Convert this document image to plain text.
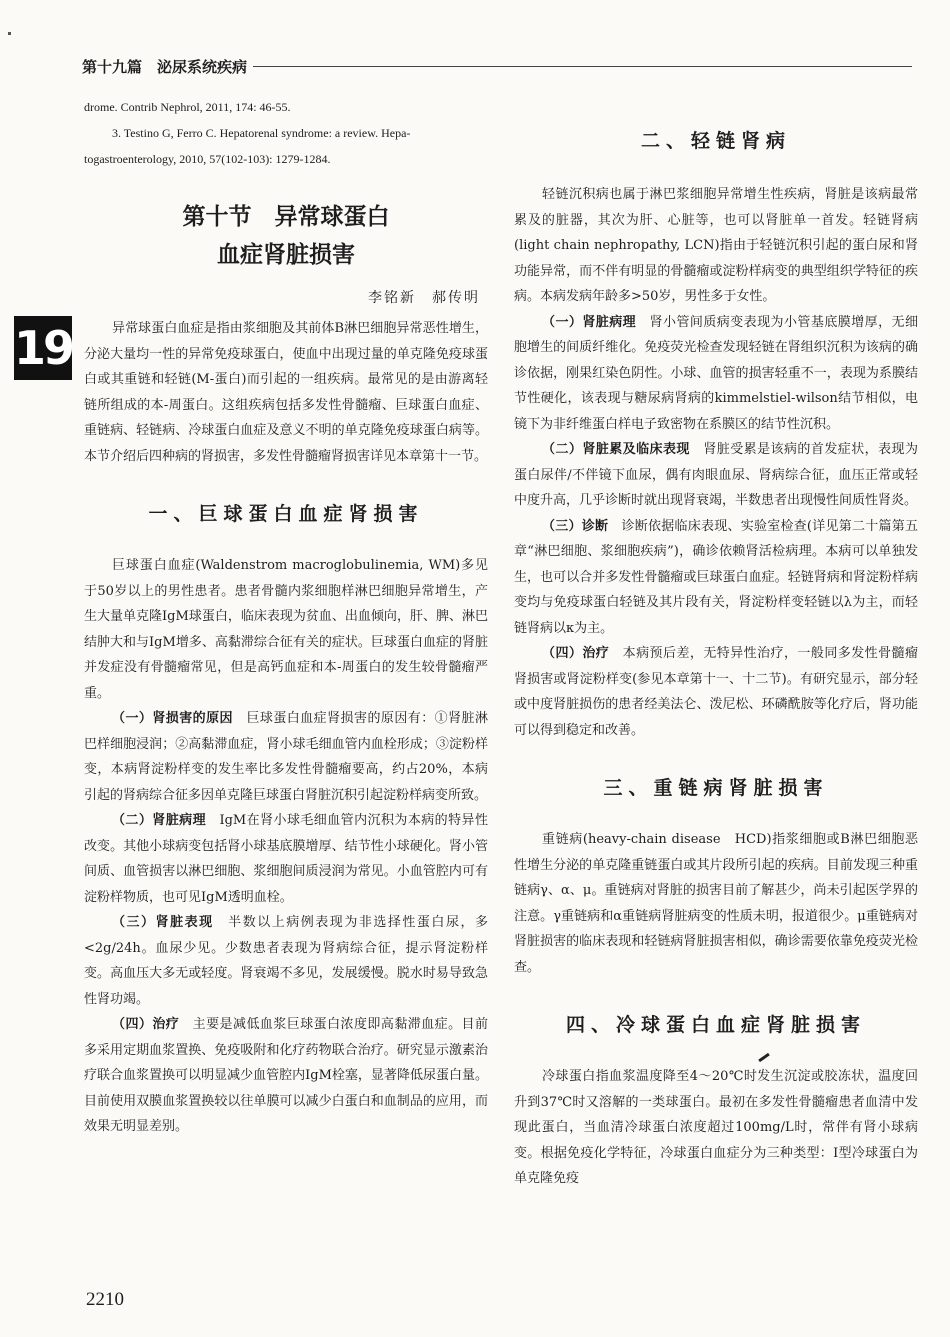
第十九篇　泌尿系统疾病
19

drome. Contrib Nephrol, 2011, 174: 46-55.

3. Testino G, Ferro C. Hepatorenal syndrome: a review. Hepa-

togastroenterology, 2010, 57(102-103): 1279-1284.

第十节　异常球蛋白
血症肾脏损害
李铭新　郝传明

异常球蛋白血症是指由浆细胞及其前体B淋巴细胞异常恶性增生，分泌大量均一性的异常免疫球蛋白，使血中出现过量的单克隆免疫球蛋白或其重链和轻链(M-蛋白)而引起的一组疾病。最常见的是由游离轻链所组成的本-周蛋白。这组疾病包括多发性骨髓瘤、巨球蛋白血症、重链病、轻链病、冷球蛋白血症及意义不明的单克隆免疫球蛋白病等。本节介绍后四种病的肾损害，多发性骨髓瘤肾损害详见本章第十一节。

一、巨球蛋白血症肾损害

巨球蛋白血症(Waldenstrom macroglobulinemia, WM)多见于50岁以上的男性患者。患者骨髓内浆细胞样淋巴细胞异常增生，产生大量单克隆IgM球蛋白，临床表现为贫血、出血倾向，肝、脾、淋巴结肿大和与IgM增多、高黏滞综合征有关的症状。巨球蛋白血症的肾脏并发症没有骨髓瘤常见，但是高钙血症和本-周蛋白的发生较骨髓瘤严重。

（一）肾损害的原因　 巨球蛋白血症肾损害的原因有：①肾脏淋巴样细胞浸润；②高黏滞血症，肾小球毛细血管内血栓形成；③淀粉样变，本病肾淀粉样变的发生率比多发性骨髓瘤要高，约占20%，本病引起的肾病综合征多因单克隆巨球蛋白肾脏沉积引起淀粉样病变所致。

（二）肾脏病理　 IgM在肾小球毛细血管内沉积为本病的特异性改变。其他小球病变包括肾小球基底膜增厚、结节性小球硬化。肾小管间质、血管损害以淋巴细胞、浆细胞间质浸润为常见。小血管腔内可有淀粉样物质，也可见IgM透明血栓。

（三）肾脏表现　 半数以上病例表现为非选择性蛋白尿，多<2g/24h。血尿少见。少数患者表现为肾病综合征，提示肾淀粉样变。高血压大多无或轻度。肾衰竭不多见，发展缓慢。脱水时易导致急性肾功竭。

（四）治疗　 主要是减低血浆巨球蛋白浓度即高黏滞血症。目前多采用定期血浆置换、免疫吸附和化疗药物联合治疗。研究显示激素治疗联合血浆置换可以明显减少血管腔内IgM栓塞，显著降低尿蛋白量。目前使用双膜血浆置换较以往单膜可以减少白蛋白和血制品的应用，而效果无明显差别。

二、轻链肾病

轻链沉积病也属于淋巴浆细胞异常增生性疾病，肾脏是该病最常累及的脏器，其次为肝、心脏等，也可以肾脏单一首发。轻链肾病(light chain nephropathy, LCN)指由于轻链沉积引起的蛋白尿和肾功能异常，而不伴有明显的骨髓瘤或淀粉样病变的典型组织学特征的疾病。本病发病年龄多>50岁，男性多于女性。

（一）肾脏病理　 肾小管间质病变表现为小管基底膜增厚，无细胞增生的间质纤维化。免疫荧光检查发现轻链在肾组织沉积为该病的确诊依据，刚果红染色阴性。小球、血管的损害轻重不一，表现为系膜结节性硬化，该表现与糖尿病肾病的kimmelstiel-wilson结节相似，电镜下为非纤维蛋白样电子致密物在系膜区的结节性沉积。

（二）肾脏累及临床表现　 肾脏受累是该病的首发症状，表现为蛋白尿伴/不伴镜下血尿，偶有肉眼血尿、肾病综合征，血压正常或轻中度升高，几乎诊断时就出现肾衰竭，半数患者出现慢性间质性肾炎。

（三）诊断　 诊断依据临床表现、实验室检查(详见第二十篇第五章“淋巴细胞、浆细胞疾病”)，确诊依赖肾活检病理。本病可以单独发生，也可以合并多发性骨髓瘤或巨球蛋白血症。轻链肾病和肾淀粉样病变均与免疫球蛋白轻链及其片段有关，肾淀粉样变轻链以λ为主，而轻链肾病以κ为主。

（四）治疗　 本病预后差，无特异性治疗，一般同多发性骨髓瘤肾损害或肾淀粉样变(参见本章第十一、十二节)。有研究显示，部分轻或中度肾脏损伤的患者经美法仑、泼尼松、环磷酰胺等化疗后，肾功能可以得到稳定和改善。

三、重链病肾脏损害

重链病(heavy-chain disease　HCD)指浆细胞或B淋巴细胞恶性增生分泌的单克隆重链蛋白或其片段所引起的疾病。目前发现三种重链病γ、α、μ。重链病对肾脏的损害目前了解甚少，尚未引起医学界的注意。γ重链病和α重链病肾脏病变的性质未明，报道很少。μ重链病对肾脏损害的临床表现和轻链病肾脏损害相似，确诊需要依靠免疫荧光检查。

四、冷球蛋白血症肾脏损害

冷球蛋白指血浆温度降至4～20℃时发生沉淀或胶冻状，温度回升到37℃时又溶解的一类球蛋白。最初在多发性骨髓瘤患者血清中发现此蛋白，当血清冷球蛋白浓度超过100mg/L时，常伴有肾小球病变。根据免疫化学特征，冷球蛋白血症分为三种类型：Ⅰ型冷球蛋白为单克隆免疫

2210
